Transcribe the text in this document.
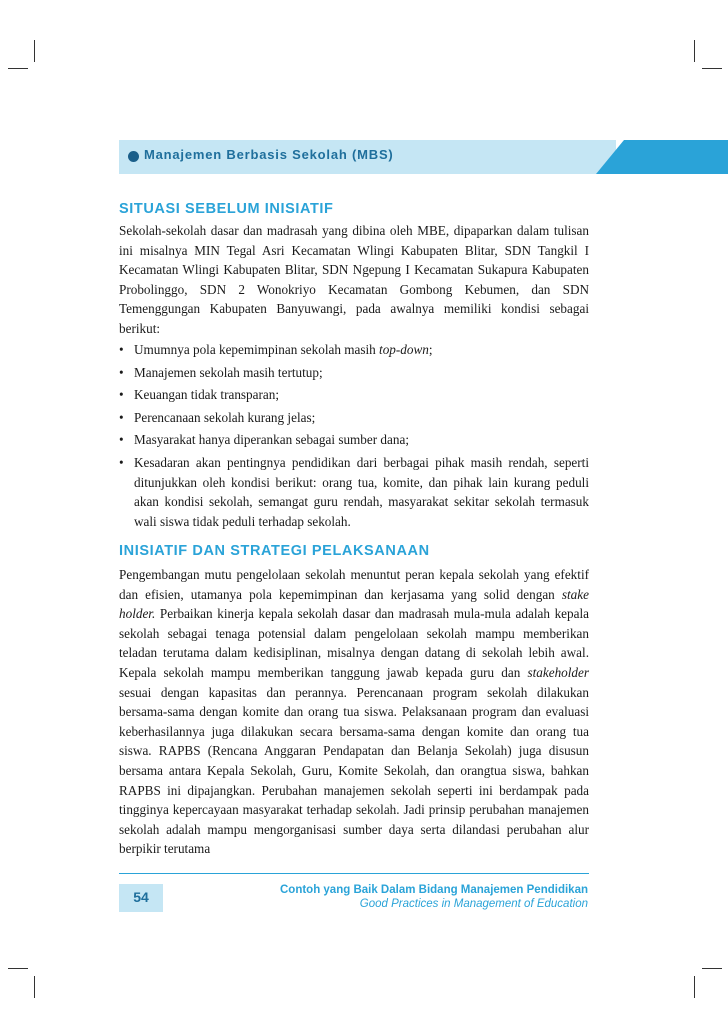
Manajemen Berbasis Sekolah (MBS)
SITUASI SEBELUM INISIATIF

Sekolah-sekolah dasar dan madrasah yang dibina oleh MBE, dipaparkan dalam tulisan ini misalnya MIN Tegal Asri Kecamatan Wlingi Kabupaten Blitar, SDN Tangkil I Kecamatan Wlingi Kabupaten Blitar, SDN Ngepung I Kecamatan Sukapura Kabupaten Probolinggo, SDN 2 Wonokriyo Kecamatan Gombong Kebumen, dan SDN Temenggungan Kabupaten Banyuwangi, pada awalnya memiliki kondisi sebagai berikut:

• Umumnya pola kepemimpinan sekolah masih top-down;
• Manajemen sekolah masih tertutup;
• Keuangan tidak transparan;
• Perencanaan sekolah kurang jelas;
• Masyarakat hanya diperankan sebagai sumber dana;
• Kesadaran akan pentingnya pendidikan dari berbagai pihak masih rendah, seperti ditunjukkan oleh kondisi berikut: orang tua, komite, dan pihak lain kurang peduli akan kondisi sekolah, semangat guru rendah, masyarakat sekitar sekolah termasuk wali siswa tidak peduli terhadap sekolah.
INISIATIF DAN STRATEGI PELAKSANAAN

Pengembangan mutu pengelolaan sekolah menuntut peran kepala sekolah yang efektif dan efisien, utamanya pola kepemimpinan dan kerjasama yang solid dengan stake holder. Perbaikan kinerja kepala sekolah dasar dan madrasah mula-mula adalah kepala sekolah sebagai tenaga potensial dalam pengelolaan sekolah mampu memberikan teladan terutama dalam kedisiplinan, misalnya dengan datang di sekolah lebih awal. Kepala sekolah mampu memberikan tanggung jawab kepada guru dan stakeholder sesuai dengan kapasitas dan perannya. Perencanaan program sekolah dilakukan bersama-sama dengan komite dan orang tua siswa. Pelaksanaan program dan evaluasi keberhasilannya juga dilakukan secara bersama-sama dengan komite dan orang tua siswa. RAPBS (Rencana Anggaran Pendapatan dan Belanja Sekolah) juga disusun bersama antara Kepala Sekolah, Guru, Komite Sekolah, dan orangtua siswa, bahkan RAPBS ini dipajangkan. Perubahan manajemen sekolah seperti ini berdampak pada tingginya kepercayaan masyarakat terhadap sekolah. Jadi prinsip perubahan manajemen sekolah adalah mampu mengorganisasi sumber daya serta dilandasi perubahan alur berpikir terutama

54	Contoh yang Baik Dalam Bidang Manajemen Pendidikan
Good Practices in Management of Education
